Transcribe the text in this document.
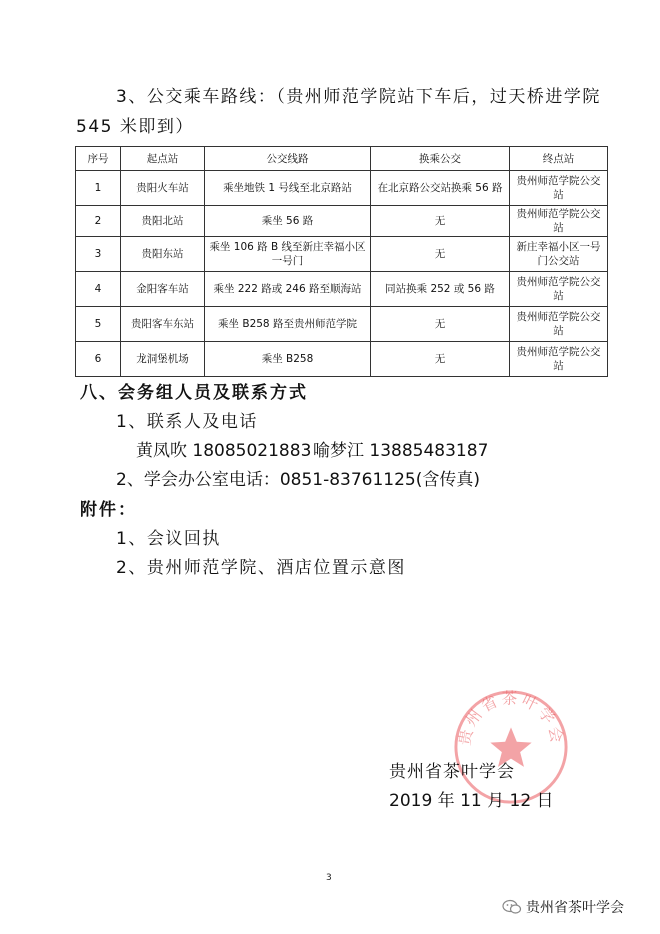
3、公交乘车路线：（贵州师范学院站下车后，过天桥进学院
545 米即到）
序号	起点站	公交线路	换乘公交	终点站
1	贵阳火车站	乘坐地铁 1 号线至北京路站	在北京路公交站换乘 56 路	贵州师范学院公交站
2	贵阳北站	乘坐 56 路	无	贵州师范学院公交站
3	贵阳东站	乘坐 106 路 B 线至新庄幸福小区一号门	无	新庄幸福小区一号门公交站
4	金阳客车站	乘坐 222 路或 246 路至顺海站	同站换乘 252 或 56 路	贵州师范学院公交站
5	贵阳客车东站	乘坐 B258 路至贵州师范学院	无	贵州师范学院公交站
6	龙洞堡机场	乘坐 B258	无	贵州师范学院公交站
八、会务组人员及联系方式
1、联系人及电话
黄凤吹 18085021883 喻梦江 13885483187
2、学会办公室电话：0851-83761125(含传真)
附件：
1、会议回执
2、贵州师范学院、酒店位置示意图
贵州省茶叶学会
贵州省茶叶学会
2019 年 11 月 12 日
3
贵州省茶叶学会
